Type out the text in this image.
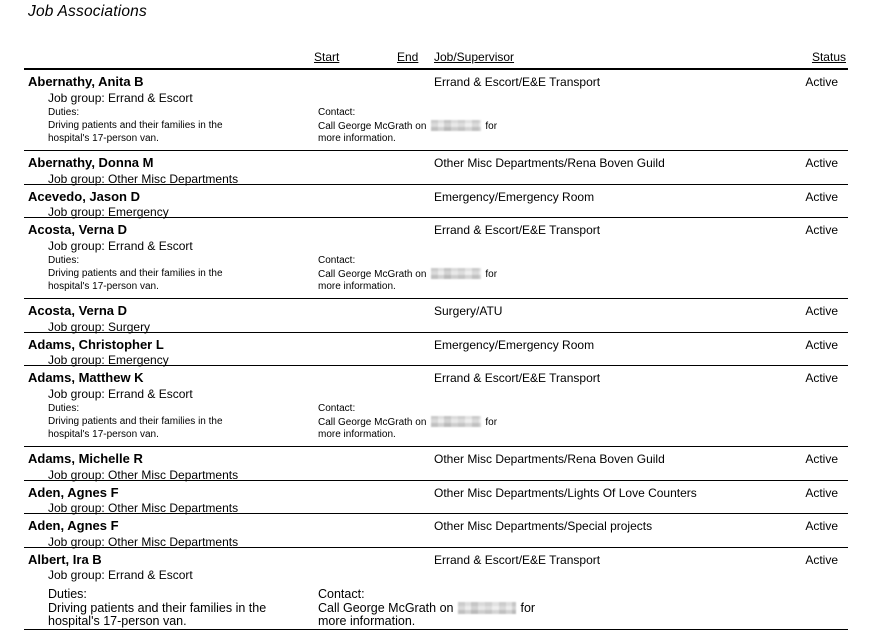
Job Associations
Start	End Job/Supervisor	Status
Abernathy, Anita B	Errand & Escort/E&E Transport	Active
Job group: Errand & Escort
Duties:
Driving patients and their families in the
hospital's 17-person van.
Contact:
Call George McGrath on	for
more information.
Abernathy, Donna M	Other Misc Departments/Rena Boven Guild	Active
Job group: Other Misc Departments
Acevedo, Jason D	Emergency/Emergency Room	Active
Job group: Emergency
Acosta, Verna D	Errand & Escort/E&E Transport	Active
Job group: Errand & Escort
Duties:
Driving patients and their families in the
hospital's 17-person van.
Contact:
Call George McGrath on	for
more information.
Acosta, Verna D	Surgery/ATU	Active
Job group: Surgery
Adams, Christopher L	Emergency/Emergency Room	Active
Job group: Emergency
Adams, Matthew K	Errand & Escort/E&E Transport	Active
Job group: Errand & Escort
Duties:
Driving patients and their families in the
hospital's 17-person van.
Contact:
Call George McGrath on	for
more information.
Adams, Michelle R	Other Misc Departments/Rena Boven Guild	Active
Job group: Other Misc Departments
Aden, Agnes F	Other Misc Departments/Lights Of Love Counters	Active
Job group: Other Misc Departments
Aden, Agnes F	Other Misc Departments/Special projects	Active
Job group: Other Misc Departments
Albert, Ira B	Errand & Escort/E&E Transport	Active
Job group: Errand & Escort
Duties:
Driving patients and their families in the
hospital's 17-person van.
Contact:
Call George McGrath on	for
more information.
